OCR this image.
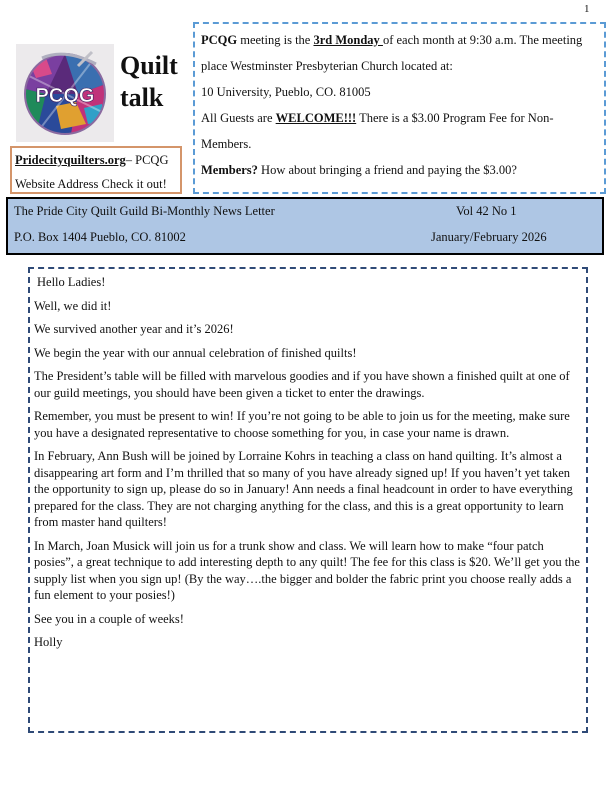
1
PCQG
Quilt
talk
Pridecityquilters.org– PCQG Website Address Check it out!
PCQG meeting is the 3rd Monday of each month at 9:30 a.m. The meeting place Westminster Presbyterian Church located at:
10 University, Pueblo, CO. 81005
All Guests are WELCOME!!! There is a $3.00 Program Fee for Non-Members.
Members? How about bringing a friend and paying the $3.00?
The Pride City Quilt Guild Bi-Monthly News Letter	Vol 42 No 1
P.O. Box 1404 Pueblo, CO. 81002	January/February 2026

Hello Ladies!

Well, we did it!

We survived another year and it’s 2026!

We begin the year with our annual celebration of finished quilts!

The President’s table will be filled with marvelous goodies and if you have shown a finished quilt at one of our guild meetings, you should have been given a ticket to enter the drawings.

Remember, you must be present to win! If you’re not going to be able to join us for the meeting, make sure you have a designated representative to choose something for you, in case your name is drawn.

In February, Ann Bush will be joined by Lorraine Kohrs in teaching a class on hand quilting. It’s almost a disappearing art form and I’m thrilled that so many of you have already signed up! If you haven’t yet taken the opportunity to sign up, please do so in January! Ann needs a final headcount in order to have everything prepared for the class. They are not charging anything for the class, and this is a great opportunity to learn from master hand quilters!

In March, Joan Musick will join us for a trunk show and class. We will learn how to make “four patch posies”, a great technique to add interesting depth to any quilt! The fee for this class is $20. We’ll get you the supply list when you sign up! (By the way….the bigger and bolder the fabric print you choose really adds a fun element to your posies!)

See you in a couple of weeks!

Holly
